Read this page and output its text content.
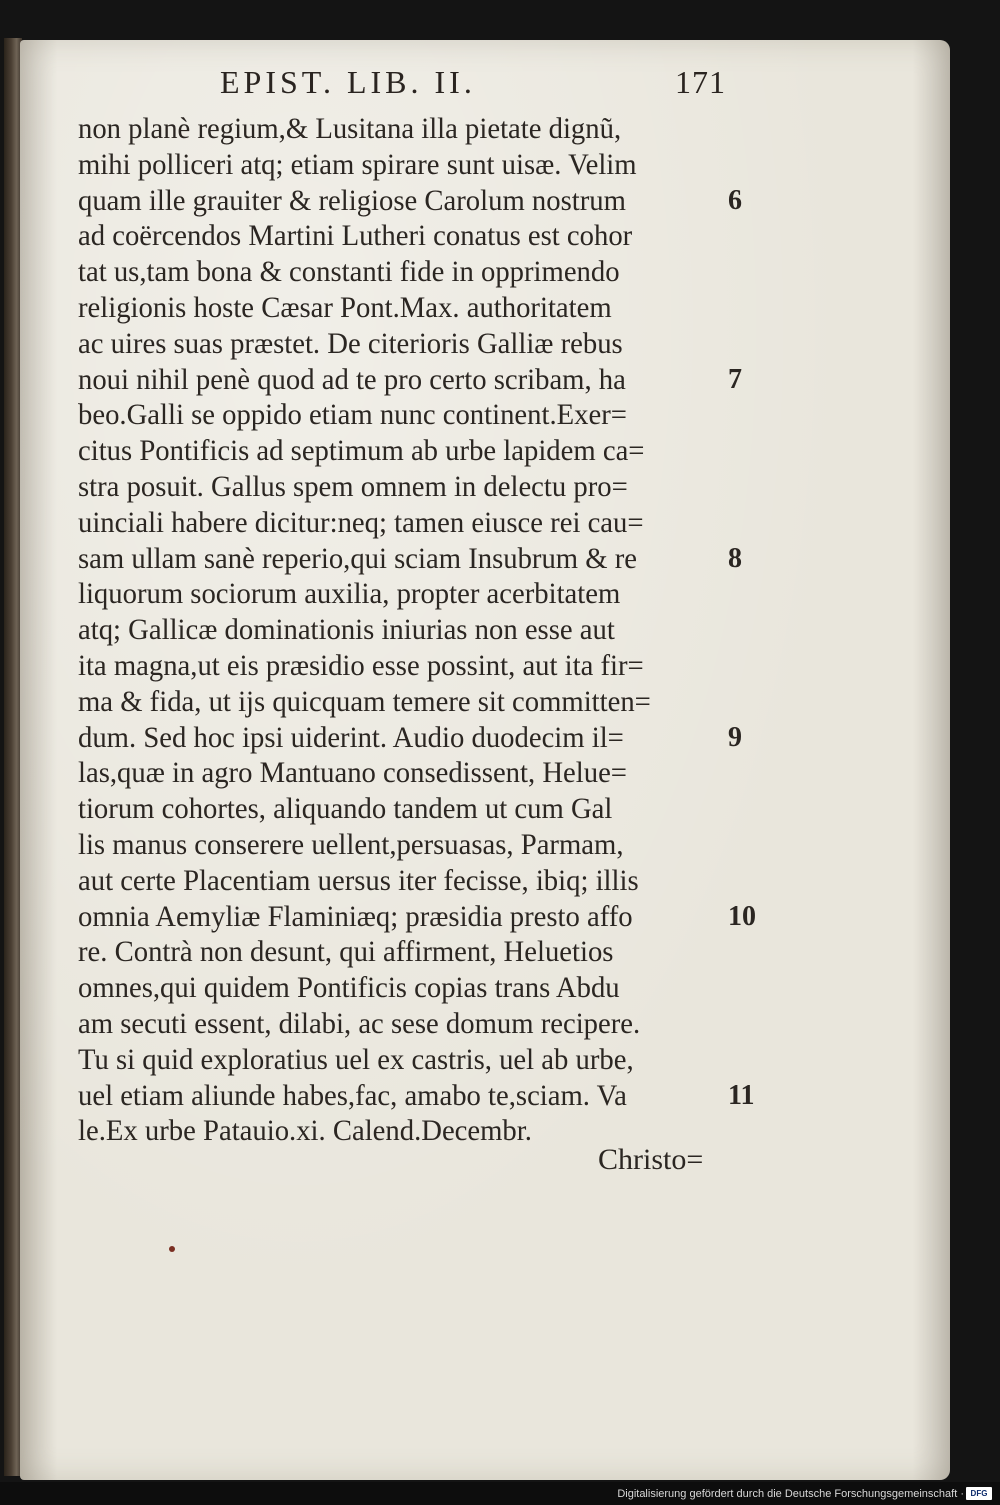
EPIST. LIB. II.	171
non planè regium,& Lusitana illa pietate dignũ,
mihi polliceri atq; etiam spirare sunt uisæ. Velim
quam ille grauiter & religiose Carolum nostrum
ad coërcendos Martini Lutheri conatus est cohor
tat us,tam bona & constanti fide in opprimendo
religionis hoste Cæsar Pont.Max. authoritatem
ac uires suas præstet. De citerioris Galliæ rebus
noui nihil penè quod ad te pro certo scribam, ha
beo.Galli se oppido etiam nunc continent.Exer=
citus Pontificis ad septimum ab urbe lapidem ca=
stra posuit. Gallus spem omnem in delectu pro=
uinciali habere dicitur:neq; tamen eiusce rei cau=
sam ullam sanè reperio,qui sciam Insubrum & re
liquorum sociorum auxilia, propter acerbitatem
atq; Gallicæ dominationis iniurias non esse aut
ita magna,ut eis præsidio esse possint, aut ita fir=
ma & fida, ut ijs quicquam temere sit committen=
dum. Sed hoc ipsi uiderint. Audio duodecim il=
las,quæ in agro Mantuano consedissent, Helue=
tiorum cohortes, aliquando tandem ut cum Gal
lis manus conserere uellent,persuasas, Parmam,
aut certe Placentiam uersus iter fecisse, ibiq; illis
omnia Aemyliæ Flaminiæq; præsidia presto affo
re. Contrà non desunt, qui affirment, Heluetios
omnes,qui quidem Pontificis copias trans Abdu
am secuti essent, dilabi, ac sese domum recipere.
Tu si quid exploratius uel ex castris, uel ab urbe,
uel etiam aliunde habes,fac, amabo te,sciam. Va
le.Ex urbe Patauio.xi. Calend.Decembr.
6
7
8
9
10
11
Christo=
Digitalisierung gefördert durch die Deutsche Forschungsgemeinschaft · DFG
